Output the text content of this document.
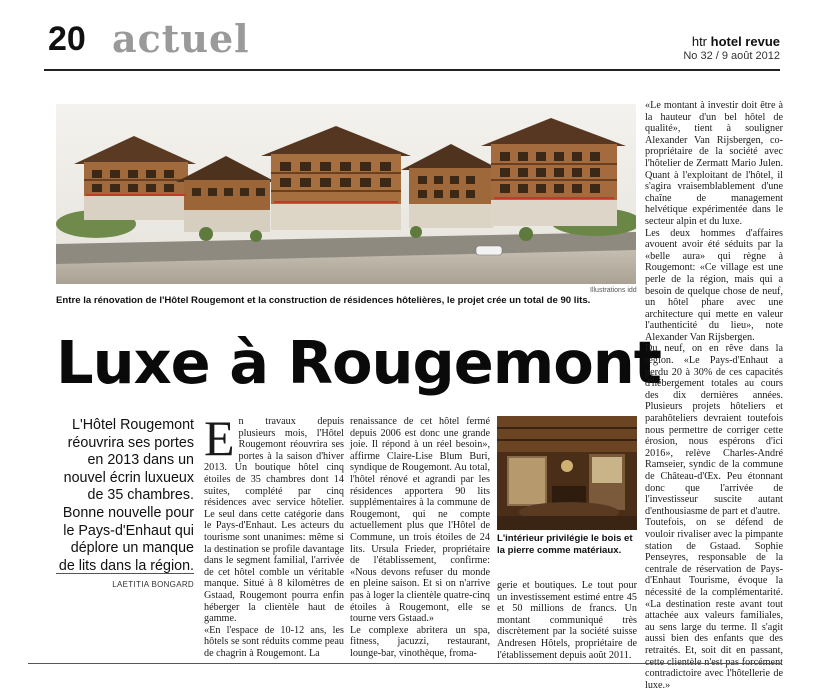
20 actuel	htr hotel revue
No 32 / 9 août 2012
Illustrations idd
Entre la rénovation de l'Hôtel Rougemont et la construction de résidences hôtelières, le projet crée un total de 90 lits.
Luxe à Rougemont
L'Hôtel Rougemont réouvrira ses portes en 2013 dans un nouvel écrin luxueux de 35 chambres. Bonne nouvelle pour le Pays-d'Enhaut qui déplore un manque de lits dans la région.
LAETITIA BONGARD

En travaux depuis plusieurs mois, l'Hôtel Rougemont réouvrira ses portes à la saison d'hiver 2013. Un boutique hôtel cinq étoiles de 35 chambres dont 14 suites, complété par cinq résidences avec service hôtelier. Le seul dans cette catégorie dans le Pays-d'Enhaut. Les acteurs du tourisme sont unanimes: même si la destination se profile davantage dans le segment familial, l'arrivée de cet hôtel comble un véritable manque. Situé à 8 kilomètres de Gstaad, Rougemont pourra enfin héberger la clientèle haut de gamme.

«En l'espace de 10-12 ans, les hôtels se sont réduits comme peau de chagrin à Rougemont. La

renaissance de cet hôtel fermé depuis 2006 est donc une grande joie. Il répond à un réel besoin», affirme Claire-Lise Blum Buri, syndique de Rougemont. Au total, l'hôtel rénové et agrandi par les résidences apportera 90 lits supplémentaires à la commune de Rougemont, qui ne compte actuellement plus que l'Hôtel de Commune, un trois étoiles de 24 lits. Ursula Frieder, propriétaire de l'établissement, confirme: «Nous devons refuser du monde en pleine saison. Et si on n'arrive pas à loger la clientèle quatre-cinq étoiles à Rougemont, elle se tourne vers Gstaad.»

Le complexe abritera un spa, fitness, jacuzzi, restaurant, lounge-bar, vinothèque, froma-

L'intérieur privilégie le bois et la pierre comme matériaux.

gerie et boutiques. Le tout pour un investissement estimé entre 45 et 50 millions de francs. Un montant communiqué très discrètement par la société suisse Andresen Hôtels, propriétaire de l'établissement depuis août 2011.

«Le montant à investir doit être à la hauteur d'un bel hôtel de qualité», tient à souligner Alexander Van Rijsbergen, co-propriétaire de la société avec l'hôtelier de Zermatt Mario Julen. Quant à l'exploitant de l'hôtel, il s'agira vraisemblablement d'une chaîne de management helvétique expérimentée dans le secteur alpin et du luxe.

Les deux hommes d'affaires avouent avoir été séduits par la «belle aura» qui règne à Rougemont: «Ce village est une perle de la région, mais qui a besoin de quelque chose de neuf, un hôtel phare avec une architecture qui mette en valeur l'authenticité du lieu», note Alexander Van Rijsbergen.

Du neuf, on en rêve dans la région. «Le Pays-d'Enhaut a perdu 20 à 30% de ces capacités d'hébergement totales au cours des dix dernières années. Plusieurs projets hôteliers et parahôteliers devraient toutefois nous permettre de corriger cette érosion, nous espérons d'ici 2016», relève Charles-André Ramseier, syndic de la commune de Château-d'Œx. Peu étonnant donc que l'arrivée de l'investisseur suscite autant d'enthousiasme de part et d'autre.

Toutefois, on se défend de vouloir rivaliser avec la pimpante station de Gstaad. Sophie Penseyres, responsable de la centrale de réservation de Pays-d'Enhaut Tourisme, évoque la nécessité de la complémentarité. «La destination reste avant tout attachée aux valeurs familiales, au sens large du terme. Il s'agit aussi bien des enfants que des retraités. Et, soit dit en passant, cette clientèle n'est pas forcément contradictoire avec l'hôtellerie de luxe.»
